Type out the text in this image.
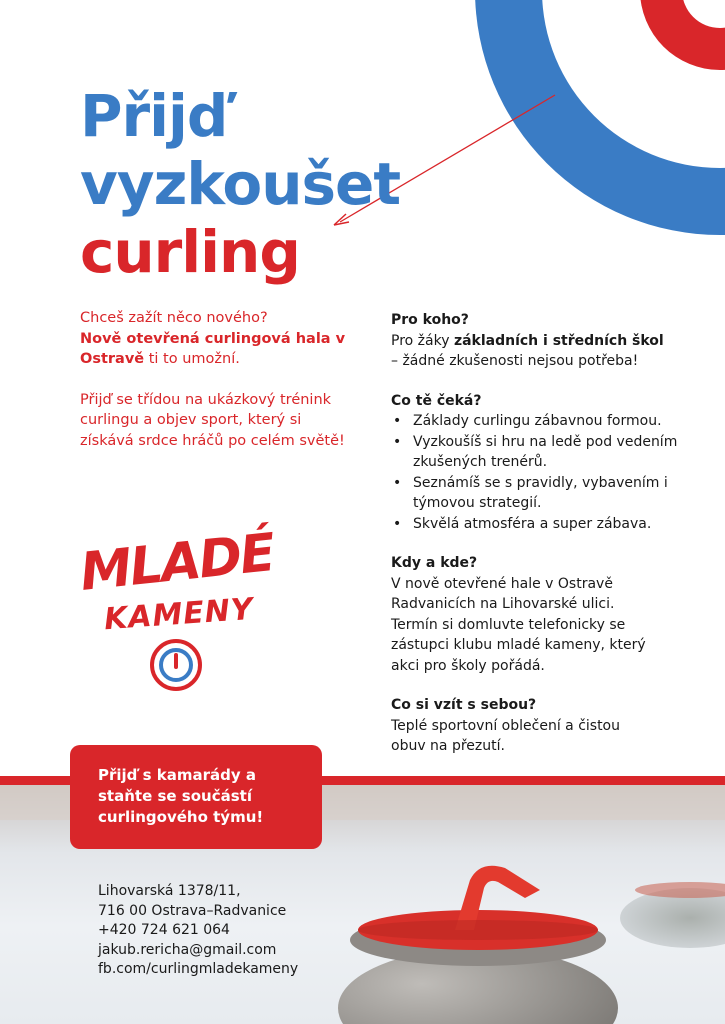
Přijď
vyzkoušet
curling

Chceš zažít něco nového?
Nově otevřená curlingová hala v Ostravě ti to umožní.

Přijď se třídou na ukázkový trénink curlingu a objev sport, který si získává srdce hráčů po celém světě!

Pro koho?

Pro žáky základních i středních škol
– žádné zkušenosti nejsou potřeba!

Co tě čeká?
• Základy curlingu zábavnou formou.
• Vyzkoušíš si hru na ledě pod vedením zkušených trenérů.
• Seznámíš se s pravidly, vybavením i týmovou strategií.
• Skvělá atmosféra a super zábava.
Kdy a kde?

V nově otevřené hale v Ostravě Radvanicích na Lihovarské ulici. Termín si domluvte telefonicky se zástupci klubu mladé kameny, který akci pro školy pořádá.

Co si vzít s sebou?

Teplé sportovní oblečení a čistou obuv na přezutí.

MLADÉ
KAMENY
Přijď s kamarády a staňte se součástí curlingového týmu!
Lihovarská 1378/11,
716 00 Ostrava–Radvanice
+420 724 621 064
jakub.rericha@gmail.com
fb.com/curlingmladekameny
